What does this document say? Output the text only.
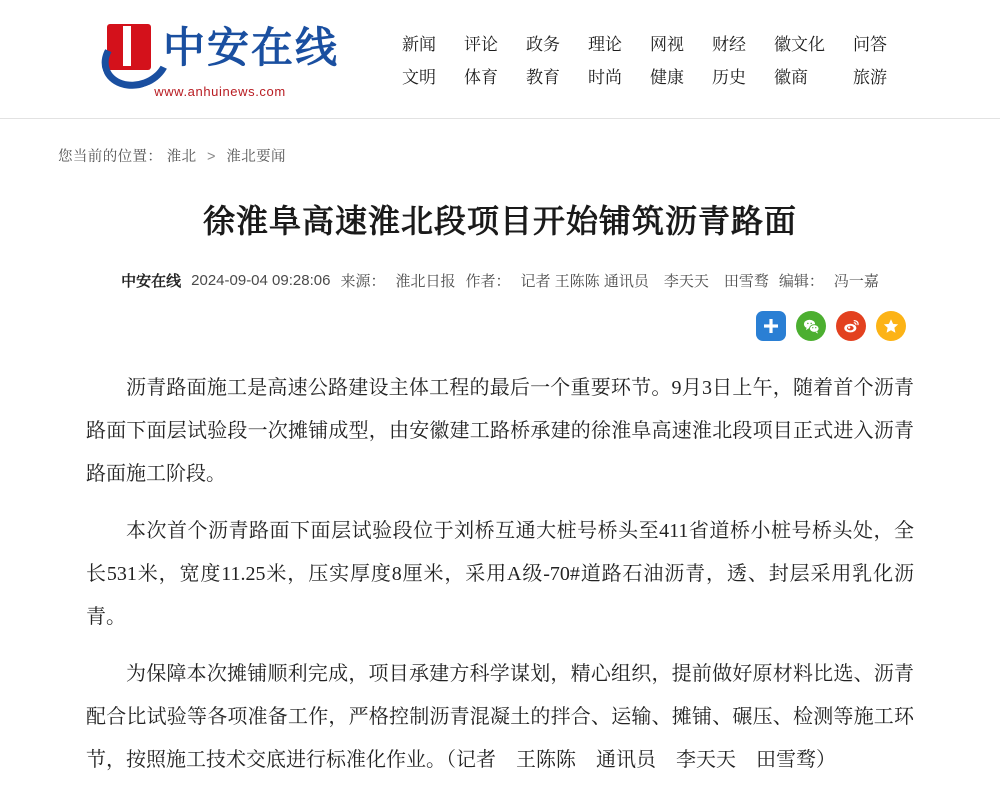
中安在线
www.anhuinews.com
新闻 评论 政务 理论 网视 财经 徽文化 问答
文明 体育 教育 时尚 健康 历史 徽商	旅游
您当前的位置： 淮北 > 淮北要闻
徐淮阜高速淮北段项目开始铺筑沥青路面
中安在线 2024-09-04 09:28:06 来源： 淮北日报 作者： 记者 王陈陈 通讯员　李天天　田雪骛 编辑： 冯一嘉

沥青路面施工是高速公路建设主体工程的最后一个重要环节。9月3日上午，随着首个沥青路面下面层试验段一次摊铺成型，由安徽建工路桥承建的徐淮阜高速淮北段项目正式进入沥青路面施工阶段。

本次首个沥青路面下面层试验段位于刘桥互通大桩号桥头至411省道桥小桩号桥头处，全长531米，宽度11.25米，压实厚度8厘米，采用A级-70#道路石油沥青，透、封层采用乳化沥青。

为保障本次摊铺顺利完成，项目承建方科学谋划，精心组织，提前做好原材料比选、沥青配合比试验等各项准备工作，严格控制沥青混凝土的拌合、运输、摊铺、碾压、检测等施工环节，按照施工技术交底进行标准化作业。（记者　王陈陈　通讯员　李天天　田雪骛）
